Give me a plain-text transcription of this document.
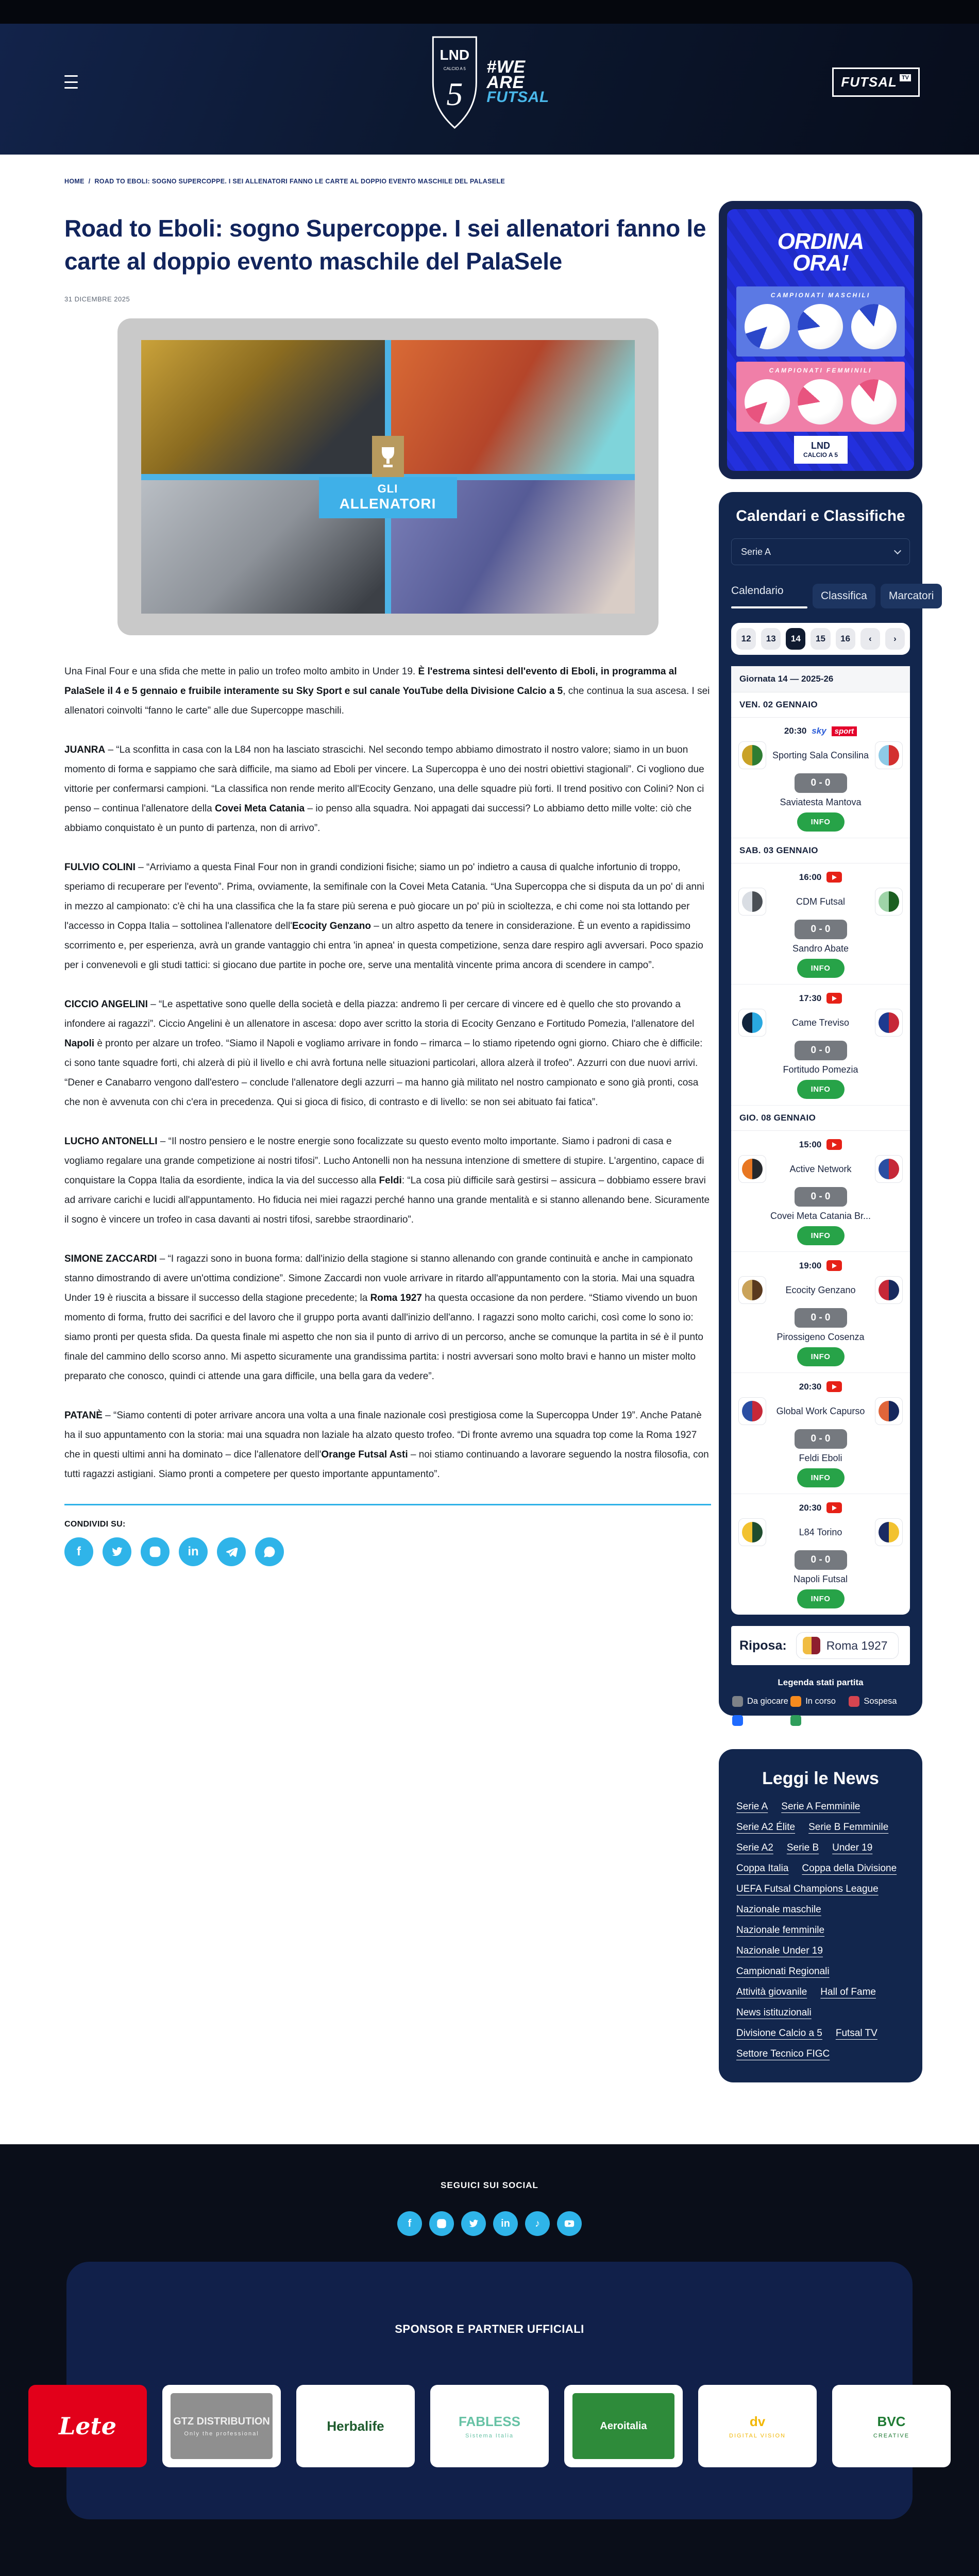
LND
CALCIO A 5
5
#WE
ARE
FUTSAL
FUTSAL TV
HOME / ROAD TO EBOLI: SOGNO SUPERCOPPE. I SEI ALLENATORI FANNO LE CARTE AL DOPPIO EVENTO MASCHILE DEL PALASELE
Road to Eboli: sogno Supercoppe. I sei allenatori fanno le carte al doppio evento maschile del PalaSele
31 DICEMBRE 2025
GLI
ALLENATORI

Una Final Four e una sfida che mette in palio un trofeo molto ambito in Under 19. È l'estrema sintesi dell'evento di Eboli, in programma al PalaSele il 4 e 5 gennaio e fruibile interamente su Sky Sport e sul canale YouTube della Divisione Calcio a 5, che continua la sua ascesa. I sei allenatori coinvolti “fanno le carte” alle due Supercoppe maschili.

JUANRA – “La sconfitta in casa con la L84 non ha lasciato strascichi. Nel secondo tempo abbiamo dimostrato il nostro valore; siamo in un buon momento di forma e sappiamo che sarà difficile, ma siamo ad Eboli per vincere. La Supercoppa è uno dei nostri obiettivi stagionali”. Ci vogliono due vittorie per confermarsi campioni. “La classifica non rende merito all'Ecocity Genzano, una delle squadre più forti. Il trend positivo con Colini? Non ci penso – continua l'allenatore della Covei Meta Catania – io penso alla squadra. Noi appagati dai successi? Lo abbiamo detto mille volte: ciò che abbiamo conquistato è un punto di partenza, non di arrivo”.

FULVIO COLINI – “Arriviamo a questa Final Four non in grandi condizioni fisiche; siamo un po' indietro a causa di qualche infortunio di troppo, speriamo di recuperare per l'evento”. Prima, ovviamente, la semifinale con la Covei Meta Catania. “Una Supercoppa che si disputa da un po' di anni in mezzo al campionato: c'è chi ha una classifica che la fa stare più serena e può giocare un po' più in scioltezza, e chi come noi sta lottando per l'accesso in Coppa Italia – sottolinea l'allenatore dell'Ecocity Genzano – un altro aspetto da tenere in considerazione. È un evento a rapidissimo scorrimento e, per esperienza, avrà un grande vantaggio chi entra 'in apnea' in questa competizione, senza dare respiro agli avversari. Poco spazio per i convenevoli e gli studi tattici: si giocano due partite in poche ore, serve una mentalità vincente prima ancora di scendere in campo”.

CICCIO ANGELINI – “Le aspettative sono quelle della società e della piazza: andremo lì per cercare di vincere ed è quello che sto provando a infondere ai ragazzi”. Ciccio Angelini è un allenatore in ascesa: dopo aver scritto la storia di Ecocity Genzano e Fortitudo Pomezia, l'allenatore del Napoli è pronto per alzare un trofeo. “Siamo il Napoli e vogliamo arrivare in fondo – rimarca – lo stiamo ripetendo ogni giorno. Chiaro che è difficile: ci sono tante squadre forti, chi alzerà di più il livello e chi avrà fortuna nelle situazioni particolari, allora alzerà il trofeo”. Azzurri con due nuovi arrivi. “Dener e Canabarro vengono dall'estero – conclude l'allenatore degli azzurri – ma hanno già militato nel nostro campionato e sono già pronti, cosa che non è avvenuta con chi c'era in precedenza. Qui si gioca di fisico, di contrasto e di livello: se non sei abituato fai fatica”.

LUCHO ANTONELLI – “Il nostro pensiero e le nostre energie sono focalizzate su questo evento molto importante. Siamo i padroni di casa e vogliamo regalare una grande competizione ai nostri tifosi”. Lucho Antonelli non ha nessuna intenzione di smettere di stupire. L'argentino, capace di conquistare la Coppa Italia da esordiente, indica la via del successo alla Feldi: “La cosa più difficile sarà gestirsi – assicura – dobbiamo essere bravi ad arrivare carichi e lucidi all'appuntamento. Ho fiducia nei miei ragazzi perché hanno una grande mentalità e si stanno allenando bene. Sicuramente il sogno è vincere un trofeo in casa davanti ai nostri tifosi, sarebbe straordinario”.

SIMONE ZACCARDI – “I ragazzi sono in buona forma: dall'inizio della stagione si stanno allenando con grande continuità e anche in campionato stanno dimostrando di avere un'ottima condizione”. Simone Zaccardi non vuole arrivare in ritardo all'appuntamento con la storia. Mai una squadra Under 19 è riuscita a bissare il successo della stagione precedente; la Roma 1927 ha questa occasione da non perdere. “Stiamo vivendo un buon momento di forma, frutto dei sacrifici e del lavoro che il gruppo porta avanti dall'inizio dell'anno. I ragazzi sono molto carichi, così come lo sono io: siamo pronti per questa sfida. Da questa finale mi aspetto che non sia il punto di arrivo di un percorso, anche se comunque la partita in sé è il punto finale del cammino dello scorso anno. Mi aspetto sicuramente una grandissima partita: i nostri avversari sono molto bravi e hanno un mister molto preparato che conosco, quindi ci attende una gara difficile, una bella gara da vedere”.

PATANÈ – “Siamo contenti di poter arrivare ancora una volta a una finale nazionale così prestigiosa come la Supercoppa Under 19”. Anche Patanè ha il suo appuntamento con la storia: mai una squadra non laziale ha alzato questo trofeo. “Di fronte avremo una squadra top come la Roma 1927 che in questi ultimi anni ha dominato – dice l'allenatore dell'Orange Futsal Asti – noi stiamo continuando a lavorare seguendo la nostra filosofia, con tutti ragazzi astigiani. Siamo pronti a competere per questo importante appuntamento”.

CONDIVIDI SU:
f	in
ORDINA
ORA!
CAMPIONATI MASCHILI
CAMPIONATI FEMMINILI
LND
CALCIO A 5
Calendari e Classifiche
Serie A
Calendario	Classifica	Marcatori
12	13	14	15	16	‹	›
Giornata 14 — 2025-26
VEN. 02 GENNAIO
20:30 sky	sport
Sporting Sala Consilina
0 - 0
Saviatesta Mantova
INFO
SAB. 03 GENNAIO
16:00
CDM Futsal
0 - 0
Sandro Abate
INFO
17:30
Came Treviso
0 - 0
Fortitudo Pomezia
INFO
GIO. 08 GENNAIO
15:00
Active Network
0 - 0
Covei Meta Catania Br...
INFO
19:00
Ecocity Genzano
0 - 0
Pirossigeno Cosenza
INFO
20:30
Global Work Capurso
0 - 0
Feldi Eboli
INFO
20:30
L84 Torino
0 - 0
Napoli Futsal
INFO
Riposa:	Roma 1927
Legenda stati partita
Da giocare In corso	Sospesa
Rinviata	Terminata
Leggi le News
Serie A Serie A Femminile
Serie A2 Élite Serie B Femminile
Serie A2 Serie B Under 19
Coppa Italia Coppa della Divisione
UEFA Futsal Champions League
Nazionale maschile
Nazionale femminile
Nazionale Under 19
Campionati Regionali
Attività giovanile Hall of Fame
News istituzionali
Divisione Calcio a 5 Futsal TV
Settore Tecnico FIGC
SEGUICI SUI SOCIAL
f	in ♪
SPONSOR E PARTNER UFFICIALI
Lete	GTZ DISTRIBUTION
Only the professional	Herbalife	FABLESS
Sistema Italia
Aeroitalia	dv
DIGITAL VISION
BVC
CREATIVE
